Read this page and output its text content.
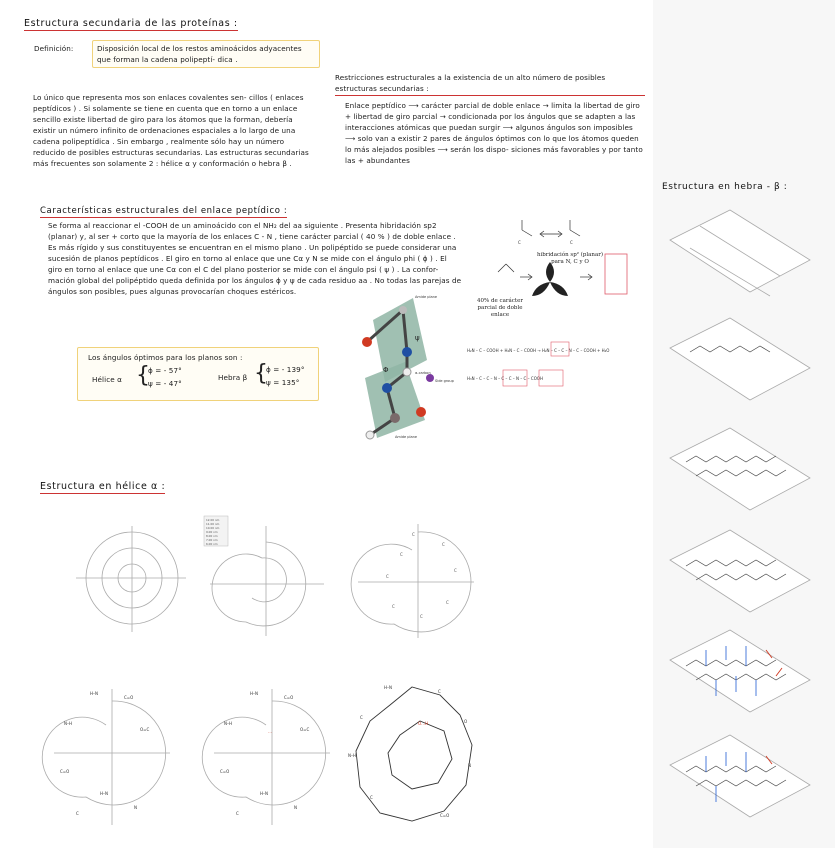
Estructura secundaria de las proteínas :
Definición:	Disposición local de los restos aminoácidos adyacentes que forman la cadena polipeptí- dica .
Lo único que representa mos son enlaces covalentes sen- cillos ( enlaces peptídicos ) . Si solamente se tiene en cuenta que en torno a un enlace sencillo existe libertad de giro para los átomos que la forman, debería existir un número infinito de ordenaciones espaciales a lo largo de una cadena polipeptídica . Sin embargo , realmente sólo hay un número reducido de posibles estructuras secundarias. Las estructuras secundarias más frecuentes son solamente 2 : hélice α y conformación o hebra β .
Restricciones estructurales a la existencia de un alto número de posibles estructuras secundarias :
Enlace peptídico ⟶ carácter parcial de doble enlace → limita la libertad de giro + libertad de giro parcial → condicionada por los ángulos que se adapten a las interacciones atómicas que puedan surgir ⟶ algunos ángulos son imposibles ⟶ solo van a existir 2 pares de ángulos óptimos con lo que los átomos queden lo más alejados posibles ⟶ serán los dispo- siciones más favorables y por tanto las + abundantes
Características estructurales del enlace peptídico :
Se forma al reaccionar el -COOH de un aminoácido con el NH₂ del aa siguiente . Presenta hibridación sp2 (planar) y, al ser + corto que la mayoría de los enlaces C - N , tiene carácter parcial ( 40 % ) de doble enlace . Es más rígido y sus constituyentes se encuentran en el mismo plano . Un polipéptido se puede considerar una sucesión de planos peptídicos . El giro en torno al enlace que une Cα y N se mide con el ángulo phi ( ϕ ) . El giro en torno al enlace que une Cα con el C del plano posterior se mide con el ángulo psi ( ψ ) . La confor- mación global del polipéptido queda definida por los ángulos ϕ y ψ de cada residuo aa . No todas las parejas de ángulos son posibles, pues algunas provocarían choques estéricos.
Los ángulos óptimos para los planos son :
Hélice α {
ϕ = - 57°
ψ = - 47°
Hebra β {
ϕ = - 139°
ψ = 135°
Φ
ψ
Amide plane
Amide plane
α-carbon
Side group
C	C
hibridación sp² (planar) para N, C y O
40% de carácter parcial de doble enlace
H₂N – C – COOH + H₂N – C – COOH → H₂N – C – C – N – C – COOH + H₂O
H₃N – C – C – N – C – C – N – C – COOH
Estructura en hélice α :
12.00 nm
11.00 nm
10.00 nm
9.00 nm
8.00 nm
7.00 nm
6.00 nm
C
C
C
C
C
C
C
C
H–N
C=O
N–H
O=C
C=O
H–N
N
C
H–N
C=O
N–H
O=C
C=O
H–N
N
C
H–N
C
C
O
N–H
N
C
C=O
…
O…H
Estructura en hebra - β :
